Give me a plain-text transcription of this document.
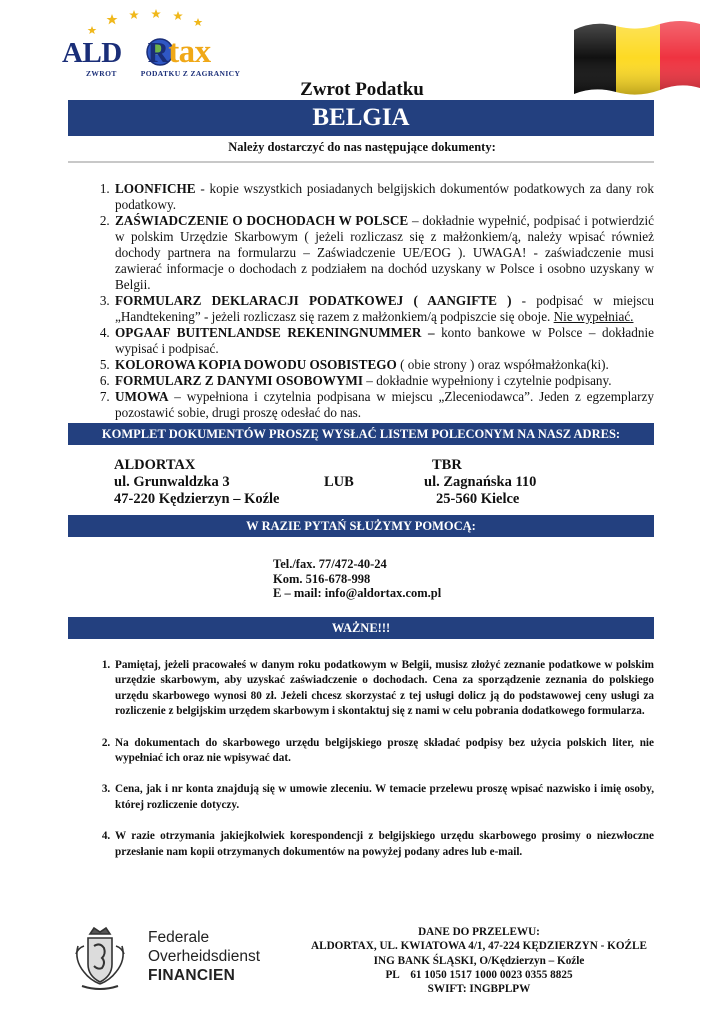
ALD Rtax
ZWROT	PODATKU Z ZAGRANICY
Zwrot Podatku
BELGIA
Należy dostarczyć do nas następujące dokumenty:
1. LOONFICHE - kopie wszystkich posiadanych belgijskich dokumentów podatkowych za dany rok podatkowy.
2. ZAŚWIADCZENIE O DOCHODACH W POLSCE – dokładnie wypełnić, podpisać i potwierdzić w polskim Urzędzie Skarbowym ( jeżeli rozliczasz się z małżonkiem/ą, należy wpisać również dochody partnera na formularzu – Zaświadczenie UE/EOG ). UWAGA! - zaświadczenie musi zawierać informacje o dochodach z podziałem na dochód uzyskany w Polsce i osobno uzyskany w Belgii.
3. FORMULARZ DEKLARACJI PODATKOWEJ ( AANGIFTE ) - podpisać w miejscu „Handtekening” - jeżeli rozliczasz się razem z małżonkiem/ą podpiszcie się oboje. Nie wypełniać.
4. OPGAAF BUITENLANDSE REKENINGNUMMER – konto bankowe w Polsce – dokładnie wypisać i podpisać.
5. KOLOROWA KOPIA DOWODU OSOBISTEGO ( obie strony ) oraz współmałżonka(ki).
6. FORMULARZ Z DANYMI OSOBOWYMI – dokładnie wypełniony i czytelnie podpisany.
7. UMOWA – wypełniona i czytelnia podpisana w miejscu „Zleceniodawca”. Jeden z egzemplarzy pozostawić sobie, drugi proszę odesłać do nas.
KOMPLET DOKUMENTÓW PROSZĘ WYSŁAĆ LISTEM POLECONYM NA NASZ ADRES:
ALDORTAX
ul. Grunwaldzka 3
47-220 Kędzierzyn – Koźle
LUB
TBR
ul. Zagnańska 110
25-560 Kielce
W RAZIE PYTAŃ SŁUŻYMY POMOCĄ:
Tel./fax. 77/472-40-24
Kom. 516-678-998
E – mail: info@aldortax.com.pl
WAŻNE!!!
1. Pamiętaj, jeżeli pracowałeś w danym roku podatkowym w Belgii, musisz złożyć zeznanie podatkowe w polskim urzędzie skarbowym, aby uzyskać zaświadczenie o dochodach. Cena za sporządzenie zeznania do polskiego urzędu skarbowego wynosi 80 zł. Jeżeli chcesz skorzystać z tej usługi dolicz ją do podstawowej ceny usługi za rozliczenie z belgijskim urzędem skarbowym i skontaktuj się z nami w celu pobrania dodatkowego formularza.
2. Na dokumentach do skarbowego urzędu belgijskiego proszę składać podpisy bez użycia polskich liter, nie wypełniać ich oraz nie wpisywać dat.
3. Cena, jak i nr konta znajdują się w umowie zleceniu. W temacie przelewu proszę wpisać nazwisko i imię osoby, której rozliczenie dotyczy.
4. W razie otrzymania jakiejkolwiek korespondencji z belgijskiego urzędu skarbowego prosimy o niezwłoczne przesłanie nam kopii otrzymanych dokumentów na powyżej podany adres lub e-mail.
Federale
Overheidsdienst
FINANCIEN
DANE DO PRZELEWU:
ALDORTAX, UL. KWIATOWA 4/1, 47-224 KĘDZIERZYN - KOŹLE
ING BANK ŚLĄSKI, O/Kędzierzyn – Koźle
PL    61 1050 1517 1000 0023 0355 8825
SWIFT: INGBPLPW
